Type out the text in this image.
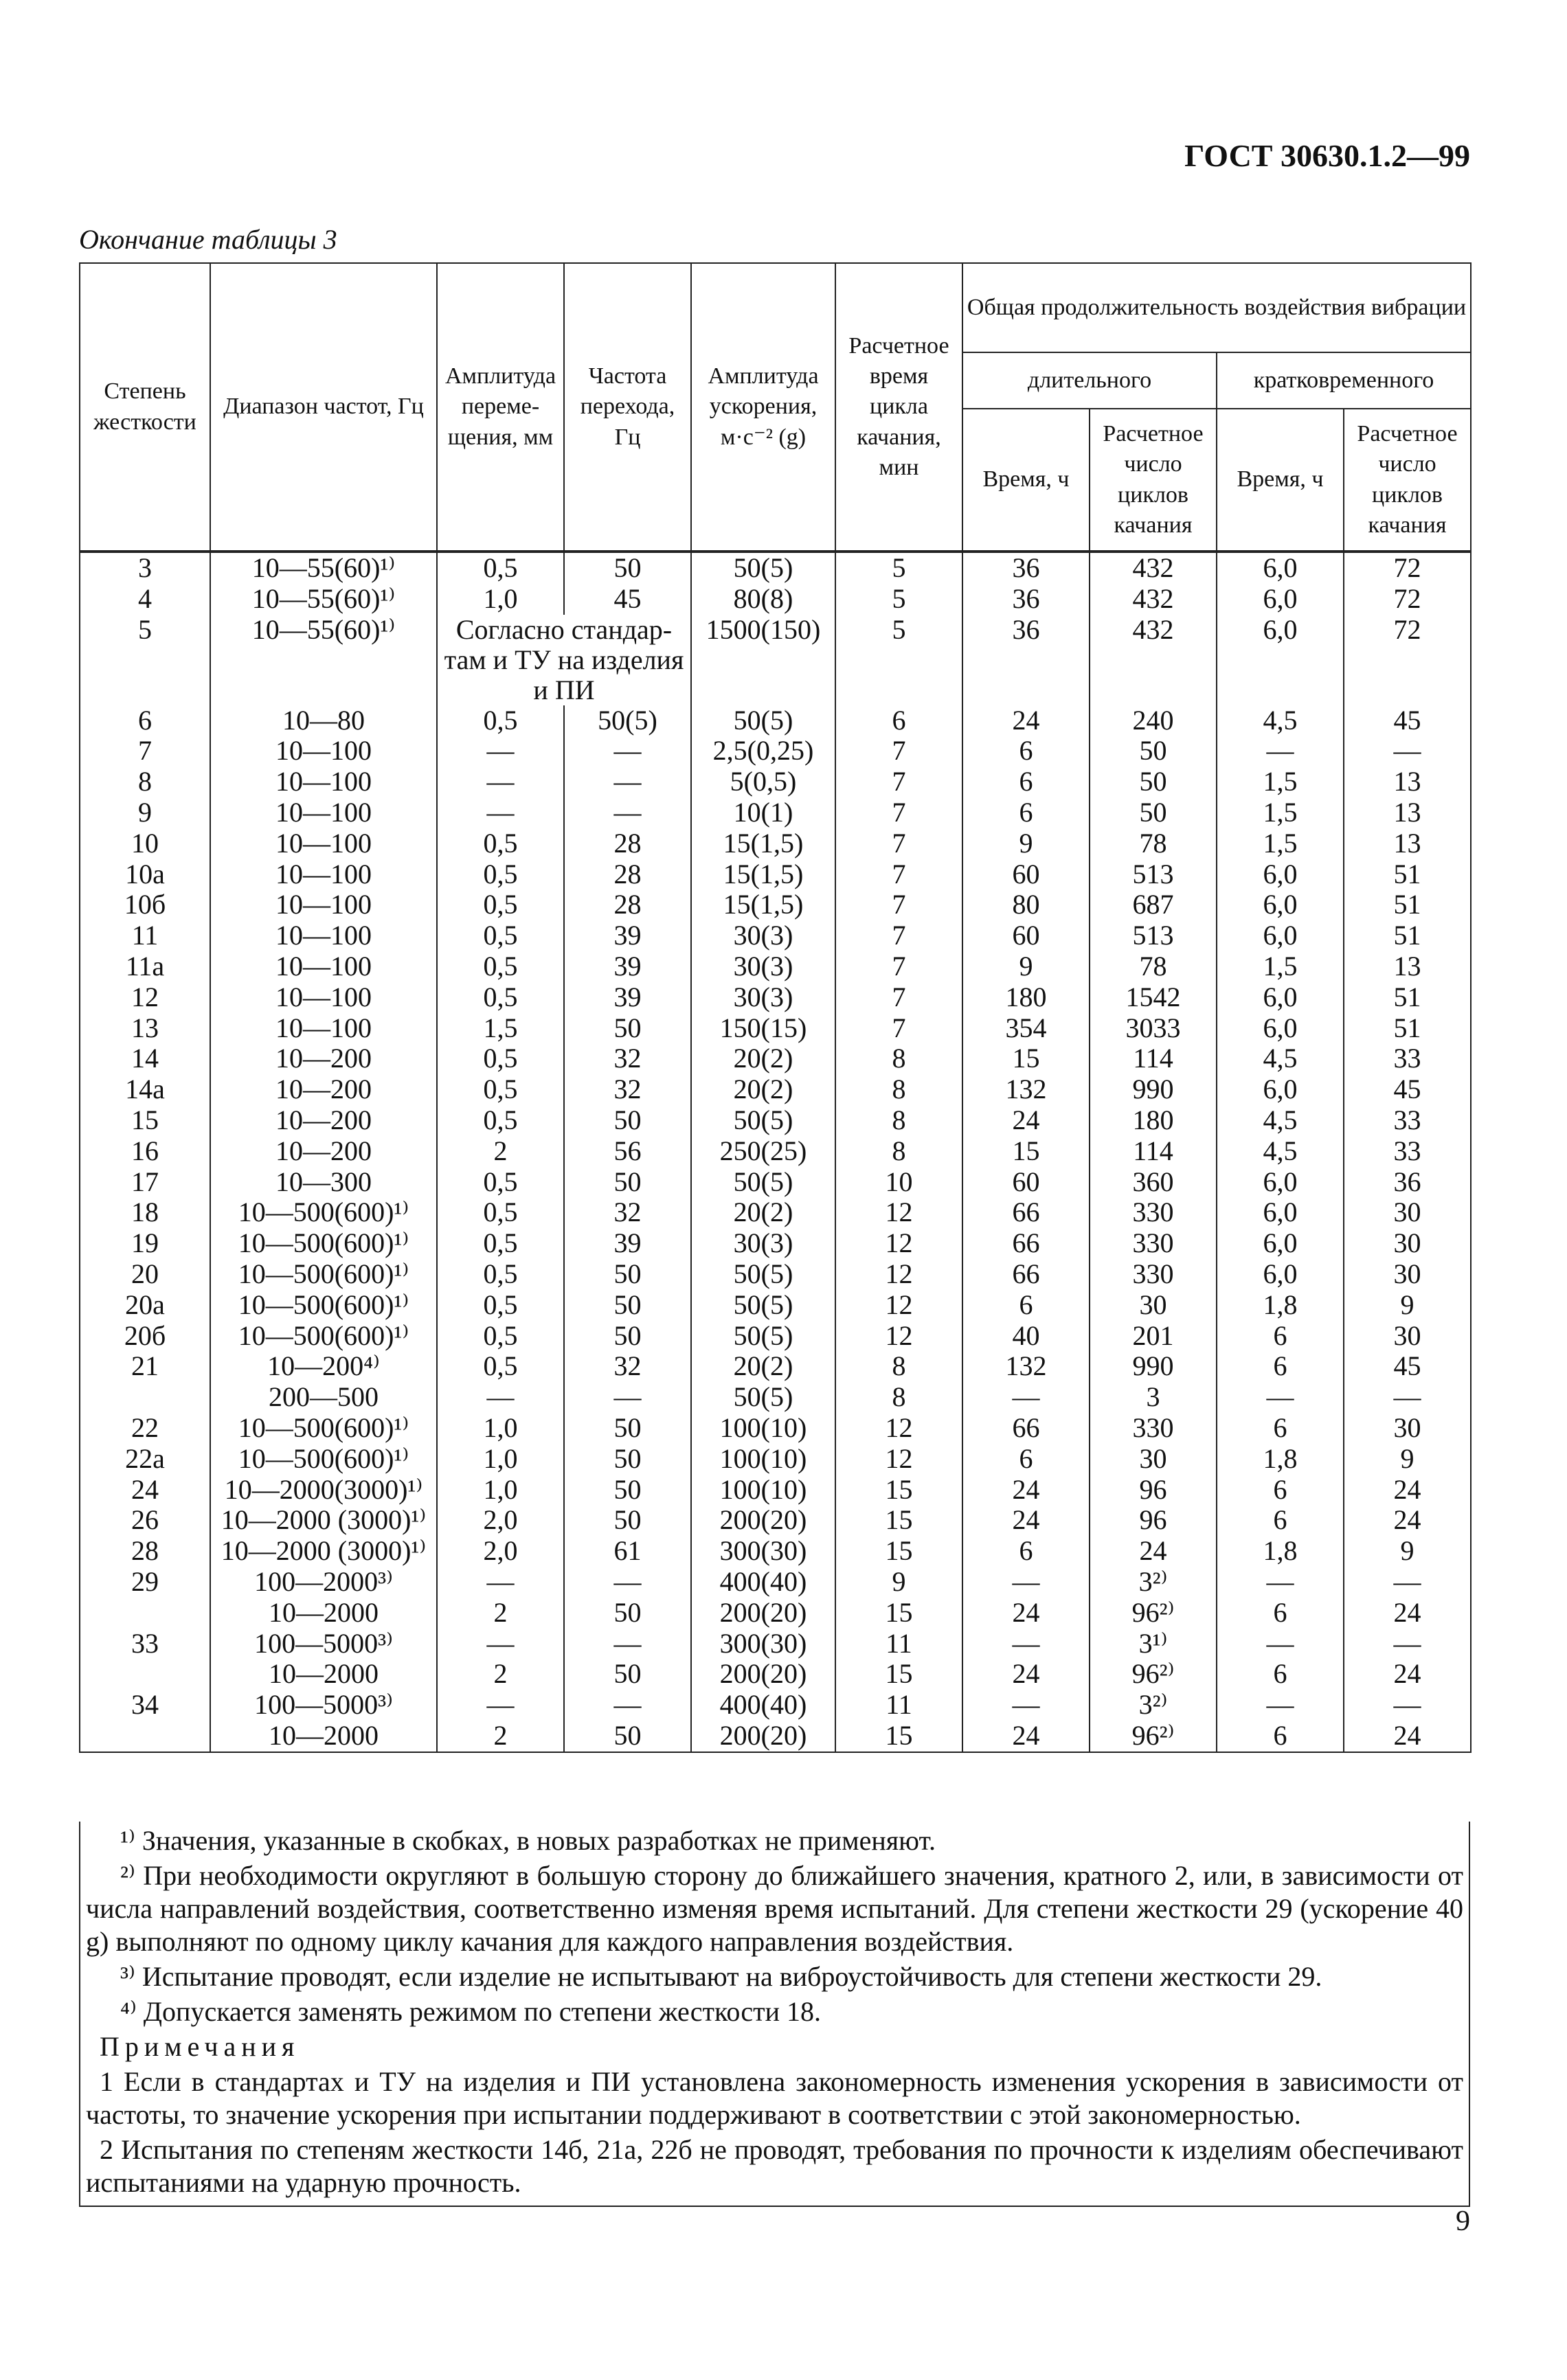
ГОСТ 30630.1.2—99
Окончание таблицы 3
Степень жесткости	Диапазон частот, Гц	Амплитуда перемещения, мм	Частота перехода, Гц	Амплитуда ускорения, м·с⁻² (g)	Расчетное время цикла качания, мин	Общая продолжительность воздействия вибрации			
						длительного		кратковременного	
						Время, ч	Расчетное число циклов качания	Время, ч	Расчетное число циклов качания
3	10—55(60)¹⁾	0,5	50	50(5)	5	36	432	6,0	72
4	10—55(60)¹⁾	1,0	45	80(8)	5	36	432	6,0	72
5	10—55(60)¹⁾	Согласно стандартам и ТУ на изделия и ПИ		1500(150)	5	36	432	6,0	72
6	10—80	0,5	50(5)	50(5)	6	24	240	4,5	45
7	10—100	—	—	2,5(0,25)	7	6	50	—	—
8	10—100	—	—	5(0,5)	7	6	50	1,5	13
9	10—100	—	—	10(1)	7	6	50	1,5	13
10	10—100	0,5	28	15(1,5)	7	9	78	1,5	13
10а	10—100	0,5	28	15(1,5)	7	60	513	6,0	51
10б	10—100	0,5	28	15(1,5)	7	80	687	6,0	51
11	10—100	0,5	39	30(3)	7	60	513	6,0	51
11а	10—100	0,5	39	30(3)	7	9	78	1,5	13
12	10—100	0,5	39	30(3)	7	180	1542	6,0	51
13	10—100	1,5	50	150(15)	7	354	3033	6,0	51
14	10—200	0,5	32	20(2)	8	15	114	4,5	33
14а	10—200	0,5	32	20(2)	8	132	990	6,0	45
15	10—200	0,5	50	50(5)	8	24	180	4,5	33
16	10—200	2	56	250(25)	8	15	114	4,5	33
17	10—300	0,5	50	50(5)	10	60	360	6,0	36
18	10—500(600)¹⁾	0,5	32	20(2)	12	66	330	6,0	30
19	10—500(600)¹⁾	0,5	39	30(3)	12	66	330	6,0	30
20	10—500(600)¹⁾	0,5	50	50(5)	12	66	330	6,0	30
20а	10—500(600)¹⁾	0,5	50	50(5)	12	6	30	1,8	9
20б	10—500(600)¹⁾	0,5	50	50(5)	12	40	201	6	30
21	10—200⁴⁾	0,5	32	20(2)	8	132	990	6	45
	200—500	—	—	50(5)	8	—	3	—	—
22	10—500(600)¹⁾	1,0	50	100(10)	12	66	330	6	30
22а	10—500(600)¹⁾	1,0	50	100(10)	12	6	30	1,8	9
24	10—2000(3000)¹⁾	1,0	50	100(10)	15	24	96	6	24
26	10—2000 (3000)¹⁾	2,0	50	200(20)	15	24	96	6	24
28	10—2000 (3000)¹⁾	2,0	61	300(30)	15	6	24	1,8	9
29	100—2000³⁾	—	—	400(40)	9	—	3²⁾	—	—
	10—2000	2	50	200(20)	15	24	96²⁾	6	24
33	100—5000³⁾	—	—	300(30)	11	—	3¹⁾	—	—
	10—2000	2	50	200(20)	15	24	96²⁾	6	24
34	100—5000³⁾	—	—	400(40)	11	—	3²⁾	—	—
	10—2000	2	50	200(20)	15	24	96²⁾	6	24

¹⁾ Значения, указанные в скобках, в новых разработках не применяют.

²⁾ При необходимости округляют в большую сторону до ближайшего значения, кратного 2, или, в зависимости от числа направлений воздействия, соответственно изменяя время испытаний. Для степени жесткости 29 (ускорение 40 g) выполняют по одному циклу качания для каждого направления воздействия.

³⁾ Испытание проводят, если изделие не испытывают на виброустойчивость для степени жесткости 29.

⁴⁾ Допускается заменять режимом по степени жесткости 18.

Примечания

1 Если в стандартах и ТУ на изделия и ПИ установлена закономерность изменения ускорения в зависимости от частоты, то значение ускорения при испытании поддерживают в соответствии с этой закономерностью.

2 Испытания по степеням жесткости 14б, 21а, 22б не проводят, требования по прочности к изделиям обеспечивают испытаниями на ударную прочность.

9
